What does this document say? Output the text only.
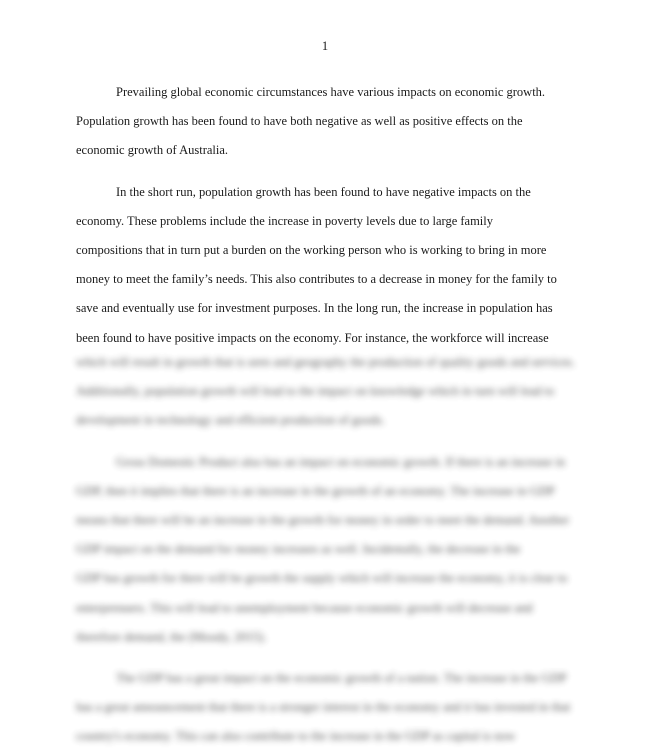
1

Prevailing global economic circumstances have various impacts on economic growth.
Population growth has been found to have both negative as well as positive effects on the
economic growth of Australia.

In the short run, population growth has been found to have negative impacts on the
economy. These problems include the increase in poverty levels due to large family
compositions that in turn put a burden on the working person who is working to bring in more
money to meet the family’s needs. This also contributes to a decrease in money for the family to
save and eventually use for investment purposes. In the long run, the increase in population has
been found to have positive impacts on the economy. For instance, the workforce will increase

which will result in growth that is seen and geography the production of quality goods and services.
Additionally, population growth will lead to the impact on knowledge which in turn will lead to
development in technology and efficient production of goods.
Gross Domestic Product also has an impact on economic growth. If there is an increase in
GDP, then it implies that there is an increase in the growth of an economy. The increase in GDP
means that there will be an increase in the growth for money in order to meet the demand. Another
GDP impact on the demand for money increases as well. Incidentally, the decrease in the
GDP has growth for there will be growth the supply which will increase the economy, it is clear to
enterprenuers. This will lead to unemployment because economic growth will decrease and
therefore demand, the (Moody, 2015).
The GDP has a great impact on the economic growth of a nation. The increase in the GDP
has a great announcement that there is a stronger interest in the economy and it has invested in that
country's economy. This can also contribute to the increase in the GDP as capital is now
